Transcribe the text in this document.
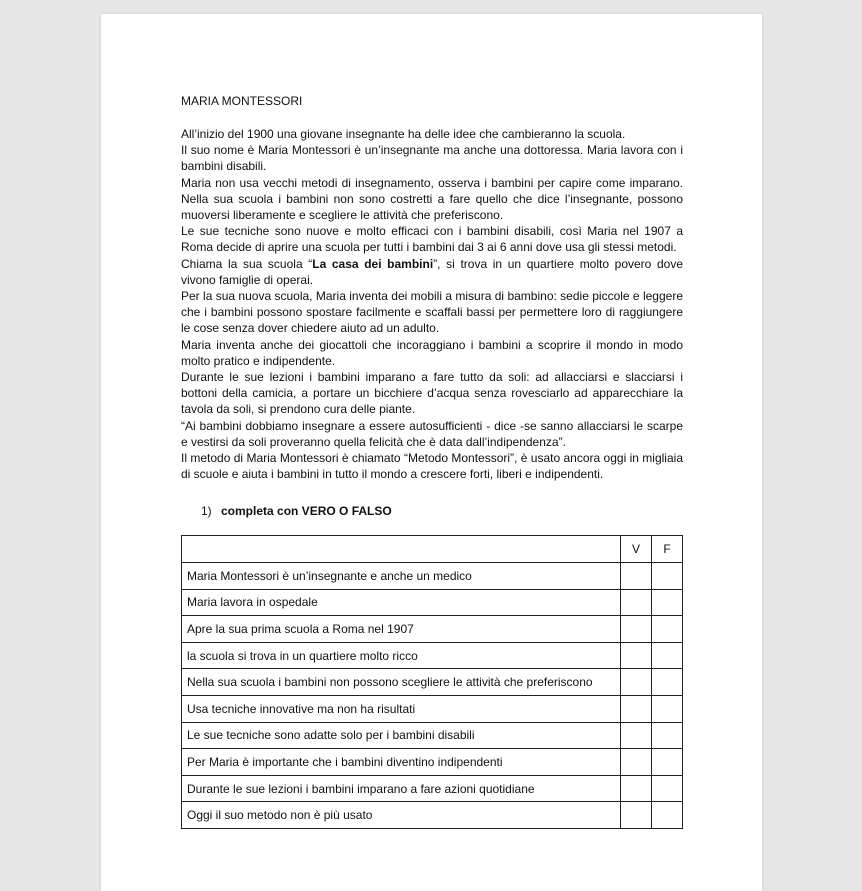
MARIA MONTESSORI

All’inizio del 1900 una giovane insegnante ha delle idee che cambieranno la scuola.

Il suo nome è Maria Montessori è un’insegnante ma anche una dottoressa. Maria lavora con i bambini disabili.

Maria non usa vecchi metodi di insegnamento, osserva i bambini per capire come imparano. Nella sua scuola i bambini non sono costretti a fare quello che dice l’insegnante, possono muoversi liberamente e scegliere le attività che preferiscono.

Le sue tecniche sono nuove e molto efficaci con i bambini disabili, così Maria nel 1907 a Roma decide di aprire una scuola per tutti i bambini dai 3 ai 6 anni dove usa gli stessi metodi.

Chiama la sua scuola “La casa dei bambini”, si trova in un quartiere molto povero dove vivono famiglie di operai.

Per la sua nuova scuola, Maria inventa dei mobili a misura di bambino: sedie piccole e leggere che i bambini possono spostare facilmente e scaffali bassi per permettere loro di raggiungere le cose senza dover chiedere aiuto ad un adulto.

Maria inventa anche dei giocattoli che incoraggiano i bambini a scoprire il mondo in modo molto pratico e indipendente.

Durante le sue lezioni i bambini imparano a fare tutto da soli: ad allacciarsi e slacciarsi i bottoni della camicia, a portare un bicchiere d’acqua senza rovesciarlo ad apparecchiare la tavola da soli, si prendono cura delle piante.

“Ai bambini dobbiamo insegnare a essere autosufficienti - dice -se sanno allacciarsi le scarpe e vestirsi da soli proveranno quella felicità che è data dall’indipendenza”.

Il metodo di Maria Montessori è chiamato “Metodo Montessori”, è usato ancora oggi in migliaia di scuole e aiuta i bambini in tutto il mondo a crescere forti, liberi e indipendenti.

1) completa con VERO O FALSO
	V	F
Maria Montessori è un’insegnante e anche un medico		
Maria lavora in ospedale		
Apre la sua prima scuola a Roma nel 1907		
la scuola si trova in un quartiere molto ricco		
Nella sua scuola i bambini non possono scegliere le attività che preferiscono		
Usa tecniche innovative ma non ha risultati		
Le sue tecniche sono adatte solo per i bambini disabili		
Per Maria è importante che i bambini diventino indipendenti		
Durante le sue lezioni i bambini imparano a fare azioni quotidiane		
Oggi il suo metodo non è più usato		
